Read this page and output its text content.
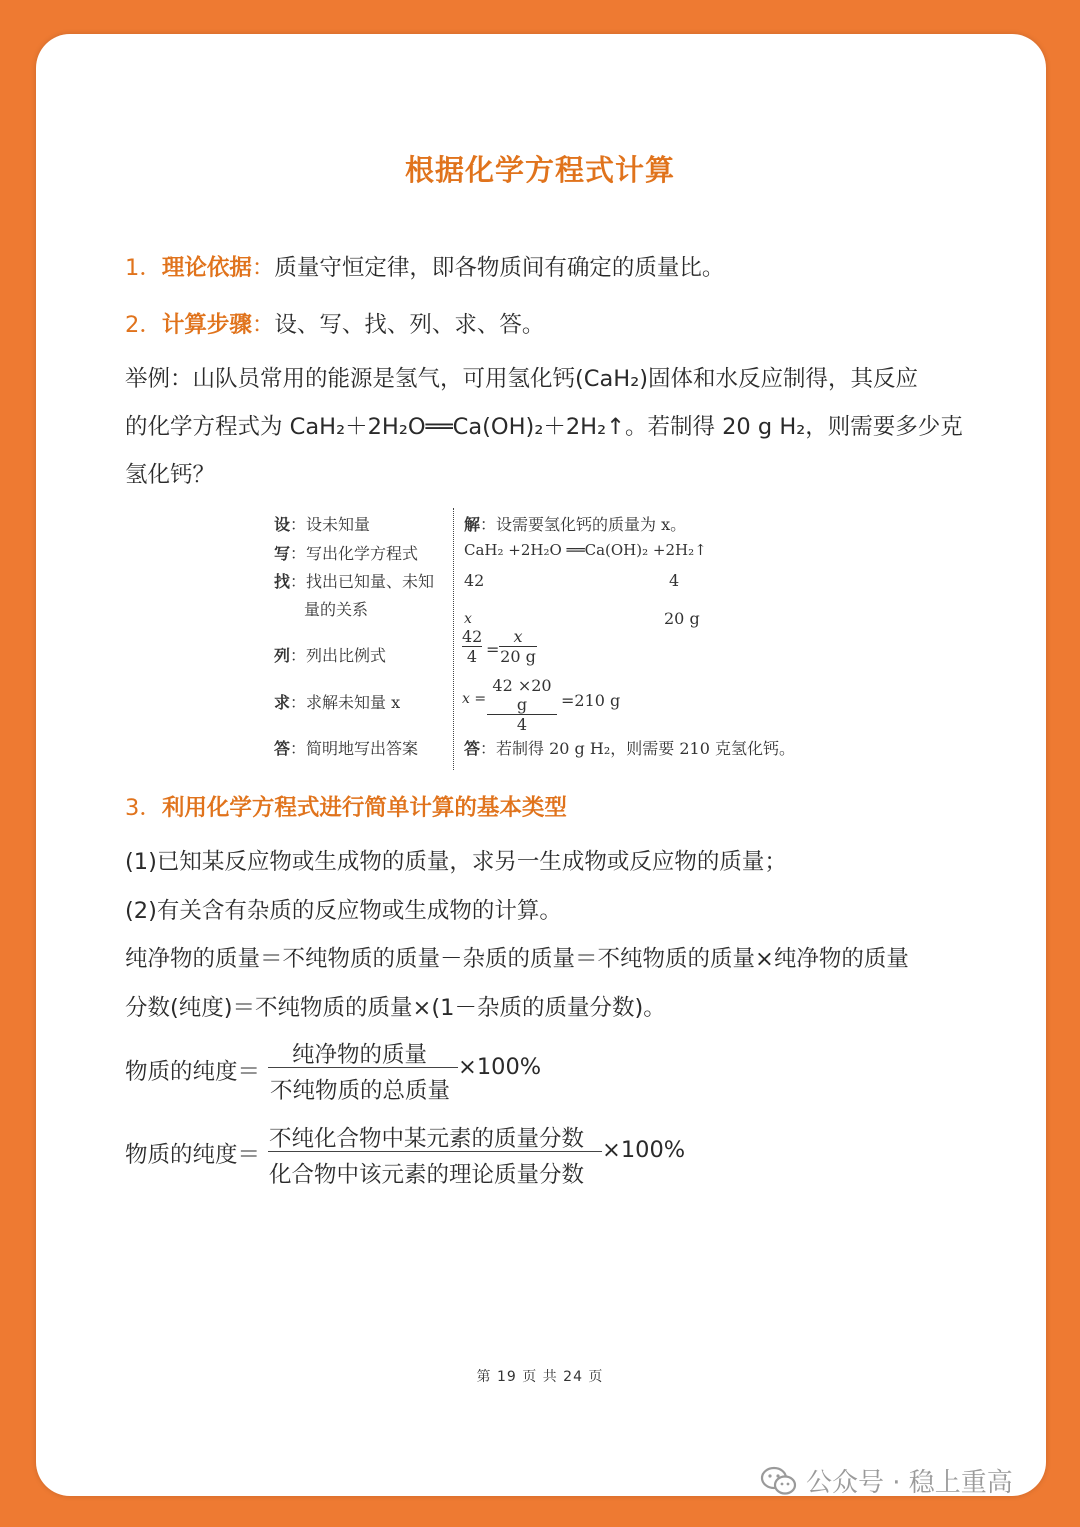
根据化学方程式计算
1．理论依据：质量守恒定律，即各物质间有确定的质量比。
2．计算步骤：设、写、找、列、求、答。
举例：山队员常用的能源是氢气，可用氢化钙(CaH₂)固体和水反应制得，其反应
的化学方程式为 CaH₂＋2H₂O══Ca(OH)₂＋2H₂↑。若制得 20 g H₂，则需要多少克
氢化钙？
设：设未知量
写：写出化学方程式
找：找出已知量、未知
量的关系
列：列出比例式
求：求解未知量 x
答：简明地写出答案
解：设需要氢化钙的质量为 x。
CaH₂ +2H₂O ══Ca(OH)₂ +2H₂↑
42	4
x	20 g
$\frac{42}{4} = \frac{x}{20 g}$
$x = \frac{42 \times 20 g}{4} =210$ g
答：若制得 20 g H₂，则需要 210 克氢化钙。
3．利用化学方程式进行简单计算的基本类型
(1)已知某反应物或生成物的质量，求另一生成物或反应物的质量；
(2)有关含有杂质的反应物或生成物的计算。
纯净物的质量＝不纯物质的质量－杂质的质量＝不纯物质的质量×纯净物的质量
分数(纯度)＝不纯物质的质量×(1－杂质的质量分数)。
物质的纯度＝
纯净物的质量
不纯物质的总质量
×100%
物质的纯度＝
不纯化合物中某元素的质量分数
化合物中该元素的理论质量分数
×100%
第 19 页 共 24 页
公众号 · 稳上重高
